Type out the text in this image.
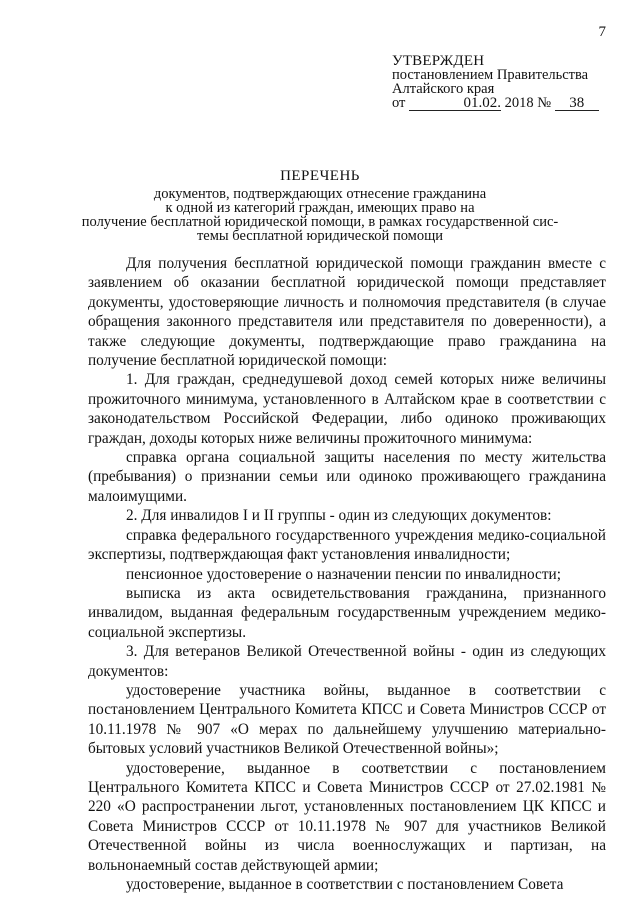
7
УТВЕРЖДЕН
постановлением Правительства
Алтайского края
от	01.02. 2018 № 38
ПЕРЕЧЕНЬ
документов, подтверждающих отнесение гражданина
к одной из категорий граждан, имеющих право на
получение бесплатной юридической помощи, в рамках государственной сис-
темы бесплатной юридической помощи

Для получения бесплатной юридической помощи гражданин вместе с заявлением об оказании бесплатной юридической помощи представляет документы, удостоверяющие личность и полномочия представителя (в случае обращения законного представителя или представителя по доверенности), а также следующие документы, подтверждающие право гражданина на получение бесплатной юридической помощи:

1. Для граждан, среднедушевой доход семей которых ниже величины прожиточного минимума, установленного в Алтайском крае в соответствии с законодательством Российской Федерации, либо одиноко проживающих граждан, доходы которых ниже величины прожиточного минимума:

справка органа социальной защиты населения по месту жительства (пребывания) о признании семьи или одиноко проживающего гражданина малоимущими.

2. Для инвалидов I и II группы - один из следующих документов:

справка федерального государственного учреждения медико-социальной экспертизы, подтверждающая факт установления инвалидности;

пенсионное удостоверение о назначении пенсии по инвалидности;

выписка из акта освидетельствования гражданина, признанного инвалидом, выданная федеральным государственным учреждением медико-социальной экспертизы.

3. Для ветеранов Великой Отечественной войны - один из следующих документов:

удостоверение участника войны, выданное в соответствии с постановлением Центрального Комитета КПСС и Совета Министров СССР от 10.11.1978 № 907 «О мерах по дальнейшему улучшению материально-бытовых условий участников Великой Отечественной войны»;

удостоверение, выданное в соответствии с постановлением Центрального Комитета КПСС и Совета Министров СССР от 27.02.1981 № 220 «О распространении льгот, установленных постановлением ЦК КПСС и Совета Министров СССР от 10.11.1978 № 907 для участников Великой Отечественной войны из числа военнослужащих и партизан, на вольнонаемный состав действующей армии;

удостоверение, выданное в соответствии с постановлением Совета
